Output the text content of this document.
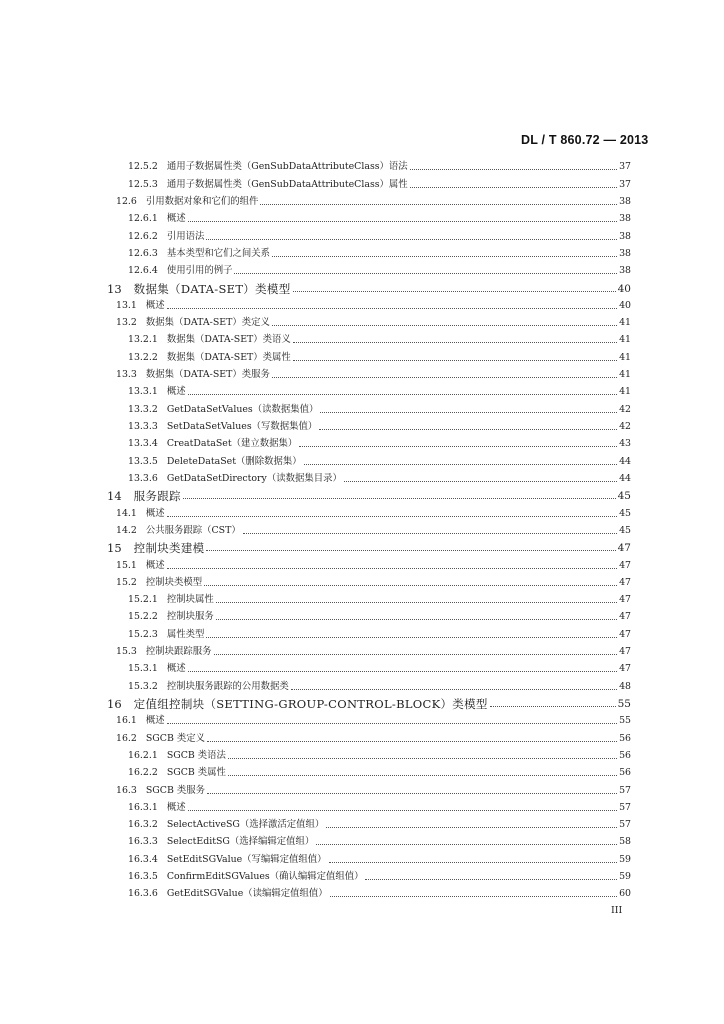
DL / T 860.72 — 2013
12.5.2 通用子数据属性类（GenSubDataAttributeClass）语法	37
12.5.3 通用子数据属性类（GenSubDataAttributeClass）属性	37
12.6 引用数据对象和它们的组件	38
12.6.1 概述	38
12.6.2 引用语法	38
12.6.3 基本类型和它们之间关系	38
12.6.4 使用引用的例子	38
13 数据集（DATA-SET）类模型	40
13.1 概述	40
13.2 数据集（DATA-SET）类定义	41
13.2.1 数据集（DATA-SET）类语义	41
13.2.2 数据集（DATA-SET）类属性	41
13.3 数据集（DATA-SET）类服务	41
13.3.1 概述	41
13.3.2 GetDataSetValues（读数据集值）	42
13.3.3 SetDataSetValues（写数据集值）	42
13.3.4 CreatDataSet（建立数据集）	43
13.3.5 DeleteDataSet（删除数据集）	44
13.3.6 GetDataSetDirectory（读数据集目录）	44
14 服务跟踪	45
14.1 概述	45
14.2 公共服务跟踪（CST）	45
15 控制块类建模	47
15.1 概述	47
15.2 控制块类模型	47
15.2.1 控制块属性	47
15.2.2 控制块服务	47
15.2.3 属性类型	47
15.3 控制块跟踪服务	47
15.3.1 概述	47
15.3.2 控制块服务跟踪的公用数据类	48
16 定值组控制块（SETTING-GROUP-CONTROL-BLOCK）类模型	55
16.1 概述	55
16.2 SGCB 类定义	56
16.2.1 SGCB 类语法	56
16.2.2 SGCB 类属性	56
16.3 SGCB 类服务	57
16.3.1 概述	57
16.3.2 SelectActiveSG（选择激活定值组）	57
16.3.3 SelectEditSG（选择编辑定值组）	58
16.3.4 SetEditSGValue（写编辑定值组值）	59
16.3.5 ConfirmEditSGValues（确认编辑定值组值）	59
16.3.6 GetEditSGValue（读编辑定值组值）	60
III
